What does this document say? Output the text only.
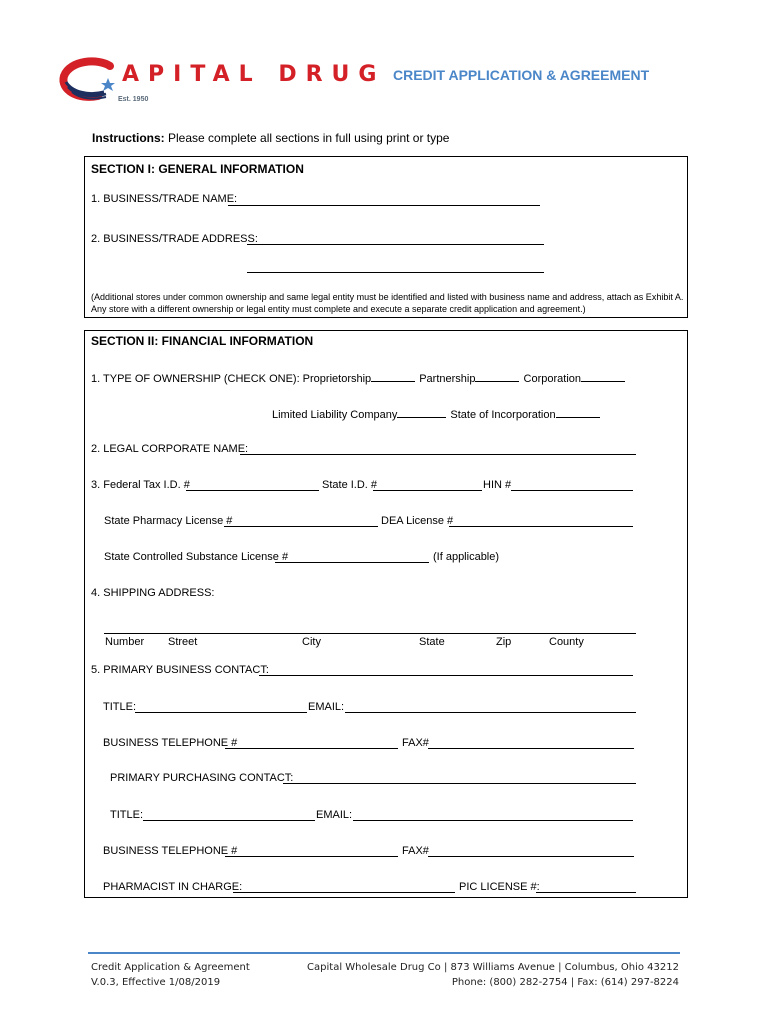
APITAL DRUG
Est. 1950
CREDIT APPLICATION & AGREEMENT
Instructions: Please complete all sections in full using print or type
SECTION I: GENERAL INFORMATION
1. BUSINESS/TRADE NAME:
2. BUSINESS/TRADE ADDRESS:
(Additional stores under common ownership and same legal entity must be identified and listed with business name and address, attach as Exhibit A.
Any store with a different ownership or legal entity must complete and execute a separate credit application and agreement.)
SECTION II: FINANCIAL INFORMATION
1. TYPE OF OWNERSHIP (CHECK ONE): Proprietorship	Partnership	Corporation
Limited Liability Company	State of Incorporation
2. LEGAL CORPORATE NAME:
3. Federal Tax I.D. #	State I.D. #	HIN #
State Pharmacy License #	DEA License #
State Controlled Substance License #	(If applicable)
4. SHIPPING ADDRESS:
Number Street	City	State	Zip	County
5. PRIMARY BUSINESS CONTACT:
TITLE:	EMAIL:
BUSINESS TELEPHONE #	FAX#
PRIMARY PURCHASING CONTACT:
TITLE:	EMAIL:
BUSINESS TELEPHONE #	FAX#
PHARMACIST IN CHARGE:	PIC LICENSE #:
Credit Application & Agreement
V.0.3, Effective 1/08/2019
Capital Wholesale Drug Co | 873 Williams Avenue | Columbus, Ohio 43212
Phone: (800) 282-2754 | Fax: (614) 297-8224
